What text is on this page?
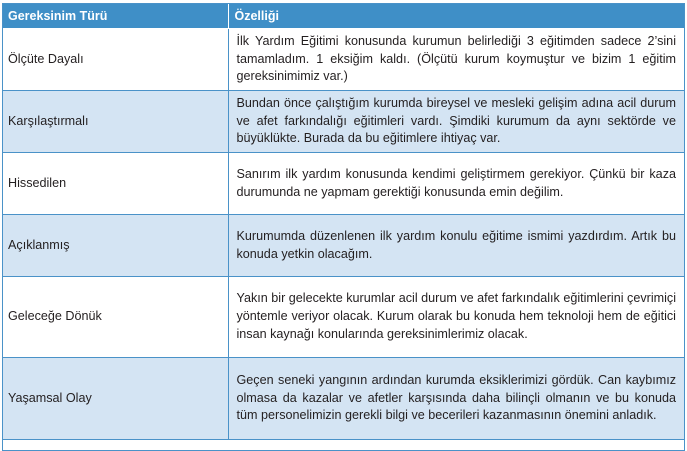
Gereksinim Türü	Özelliği
Ölçüte Dayalı	İlk Yardım Eğitimi konusunda kurumun belirlediği 3 eğitimden sadece 2’sini tamamladım. 1 eksiğim kaldı. (Ölçütü kurum koymuştur ve bizim 1 eğitim gereksinimimiz var.)
Karşılaştırmalı	Bundan önce çalıştığım kurumda bireysel ve mesleki gelişim adına acil durum ve afet farkındalığı eğitimleri vardı. Şimdiki kurumum da aynı sektörde ve büyüklükte. Burada da bu eğitimlere ihtiyaç var.
Hissedilen	Sanırım ilk yardım konusunda kendimi geliştirmem gerekiyor. Çünkü bir kaza durumunda ne yapmam gerektiği konusunda emin değilim.
Açıklanmış	Kurumumda düzenlenen ilk yardım konulu eğitime ismimi yazdırdım. Artık bu konuda yetkin olacağım.
Geleceğe Dönük	Yakın bir gelecekte kurumlar acil durum ve afet farkındalık eğitimlerini çevrimiçi yöntemle veriyor olacak. Kurum olarak bu konuda hem teknoloji hem de eğitici insan kaynağı konularında gereksinimlerimiz olacak.
Yaşamsal Olay	Geçen seneki yangının ardından kurumda eksiklerimizi gördük. Can kaybımız olmasa da kazalar ve afetler karşısında daha bilinçli olmanın ve bu konuda tüm personelimizin gerekli bilgi ve becerileri kazanmasının önemini anladık.
